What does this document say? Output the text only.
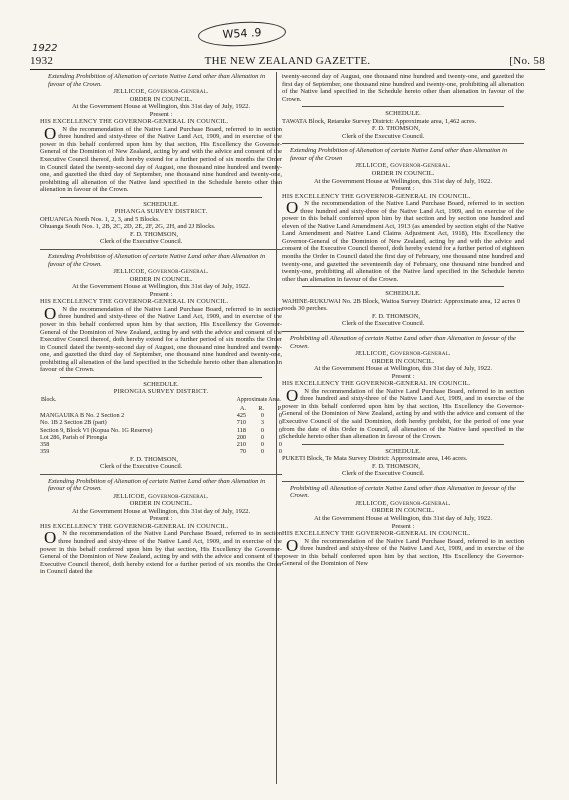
W54 .9
1922
1932	THE NEW ZEALAND GAZETTE.	[No. 58

Extending Prohibition of Alienation of certain Native Land other than Alienation in favour of the Crown.

JELLICOE, Governor-General.

ORDER IN COUNCIL.

At the Government House at Wellington, this 31st day of July, 1922.

Present :

HIS EXCELLENCY THE GOVERNOR-GENERAL IN COUNCIL.

O N the recommendation of the Native Land Purchase Board, referred to in section three hundred and sixty-three of the Native Land Act, 1909, and in exercise of the power in this behalf conferred upon him by that section, His Excellency the Governor-General of the Dominion of New Zealand, acting by and with the advice and consent of the Executive Council thereof, doth hereby extend for a further period of six months the Order in Council dated the twenty-second day of August, one thousand nine hundred and twenty-one, and gazetted the third day of September, one thousand nine hundred and twenty-one, prohibiting all alienation of the Native land specified in the Schedule hereto other than alienation in favour of the Crown.

SCHEDULE.

PIHANGA SURVEY DISTRICT.

OHUANGA North Nos. 1, 2, 3, and 5 Blocks.

Ohuanga South Nos. 1, 2B, 2C, 2D, 2E, 2F, 2G, 2H, and 2J Blocks.

F. D. THOMSON,

Clerk of the Executive Council.

Extending Prohibition of Alienation of certain Native Land other than Alienation in favour of the Crown.

JELLICOE, Governor-General.

ORDER IN COUNCIL.

At the Government House at Wellington, this 31st day of July, 1922.

Present :

HIS EXCELLENCY THE GOVERNOR-GENERAL IN COUNCIL.

O N the recommendation of the Native Land Purchase Board, referred to in section three hundred and sixty-three of the Native Land Act, 1909, and in exercise of the power in this behalf conferred upon him by that section, His Excellency the Governor-General of the Dominion of New Zealand, acting by and with the advice and consent of the Executive Council thereof, doth hereby extend for a further period of six months the Order in Council dated the twenty-second day of August, one thousand nine hundred and twenty-one, and gazetted the third day of September, one thousand nine hundred and twenty-one, prohibiting all alienation of the land specified in the Schedule hereto other than alienation in favour of the Crown.

SCHEDULE.

PIRONGIA SURVEY DISTRICT.

Block.	Approximate Area.		
	A.	R.	P.
MANGAUIKA B No. 2 Section 2	425	0	0
No. 1B 2 Section 2B (part)	710	3	0
Section 9, Block VI (Kopua No. 1G Reserve)	118	0	0
Lot 286, Parish of Pirongia	200	0	0
358	210	0	0
359	70	0	0

F. D. THOMSON,

Clerk of the Executive Council.

Extending Prohibition of Alienation of certain Native Land other than Alienation in favour of the Crown.

JELLICOE, Governor-General.

ORDER IN COUNCIL.

At the Government House at Wellington, this 31st day of July, 1922.

Present :

HIS EXCELLENCY THE GOVERNOR-GENERAL IN COUNCIL.

O N the recommendation of the Native Land Purchase Board, referred to in section three hundred and sixty-three of the Native Land Act, 1909, and in exercise of the power in this behalf conferred upon him by that section, His Excellency the Governor-General of the Dominion of New Zealand, acting by and with the advice and consent of the Executive Council thereof, doth hereby extend for a further period of six months the Order in Council dated the

twenty-second day of August, one thousand nine hundred and twenty-one, and gazetted the first day of September, one thousand nine hundred and twenty-one, prohibiting all alienation of the Native land specified in the Schedule hereto other than alienation in favour of the Crown.

SCHEDULE.

TAWATA Block, Retaruke Survey District: Approximate area, 1,462 acres.

F. D. THOMSON,

Clerk of the Executive Council.

Extending Prohibition of Alienation of certain Native Land other than Alienation in favour of the Crown

JELLICOE, Governor-General.

ORDER IN COUNCIL.

At the Government House at Wellington, this 31st day of July, 1922.

Present :

HIS EXCELLENCY THE GOVERNOR-GENERAL IN COUNCIL.

O N the recommendation of the Native Land Purchase Board, referred to in section three hundred and sixty-three of the Native Land Act, 1909, and in exercise of the power in this behalf conferred upon him by that section and by section one hundred and eleven of the Native Land Amendment Act, 1913 (as amended by section eight of the Native Land Amendment and Native Land Claims Adjustment Act, 1918), His Excellency the Governor-General of the Dominion of New Zealand, acting by and with the advice and consent of the Executive Council thereof, doth hereby extend for a further period of eighteen months the Order in Council dated the first day of February, one thousand nine hundred and twenty-one, and gazetted the seventeenth day of February, one thousand nine hundred and twenty-one, prohibiting all alienation of the Native land specified in the Schedule hereto other than alienation in favour of the Crown.

SCHEDULE.

WAHINE-RUKUWAI No. 2B Block, Waitoa Survey District: Approximate area, 12 acres 0 roods 30 perches.

F. D. THOMSON,

Clerk of the Executive Council.

Prohibiting all Alienation of certain Native Land other than Alienation in favour of the Crown.

JELLICOE, Governor-General.

ORDER IN COUNCIL.

At the Government House at Wellington, this 31st day of July, 1922.

Present :

HIS EXCELLENCY THE GOVERNOR-GENERAL IN COUNCIL.

O N the recommendation of the Native Land Purchase Board, referred to in section three hundred and sixty-three of the Native Land Act, 1909, and in exercise of the power in this behalf conferred upon him by that section, His Excellency the Governor-General of the Dominion of New Zealand, acting by and with the advice and consent of the Executive Council of the said Dominion, doth hereby prohibit, for the period of one year from the date of this Order in Council, all alienation of the Native land specified in the Schedule hereto other than alienation in favour of the Crown.

SCHEDULE.

PUKETI Block, Te Mata Survey District: Approximate area, 146 acres.

F. D. THOMSON,

Clerk of the Executive Council.

Prohibiting all Alienation of certain Native Land other than Alienation in favour of the Crown.

JELLICOE, Governor-General.

ORDER IN COUNCIL.

At the Government House at Wellington, this 31st day of July, 1922.

Present :

HIS EXCELLENCY THE GOVERNOR-GENERAL IN COUNCIL.

O N the recommendation of the Native Land Purchase Board, referred to in section three hundred and sixty-three of the Native Land Act, 1909, and in exercise of the power in this behalf conferred upon him by that section, His Excellency the Governor-General of the Dominion of New
